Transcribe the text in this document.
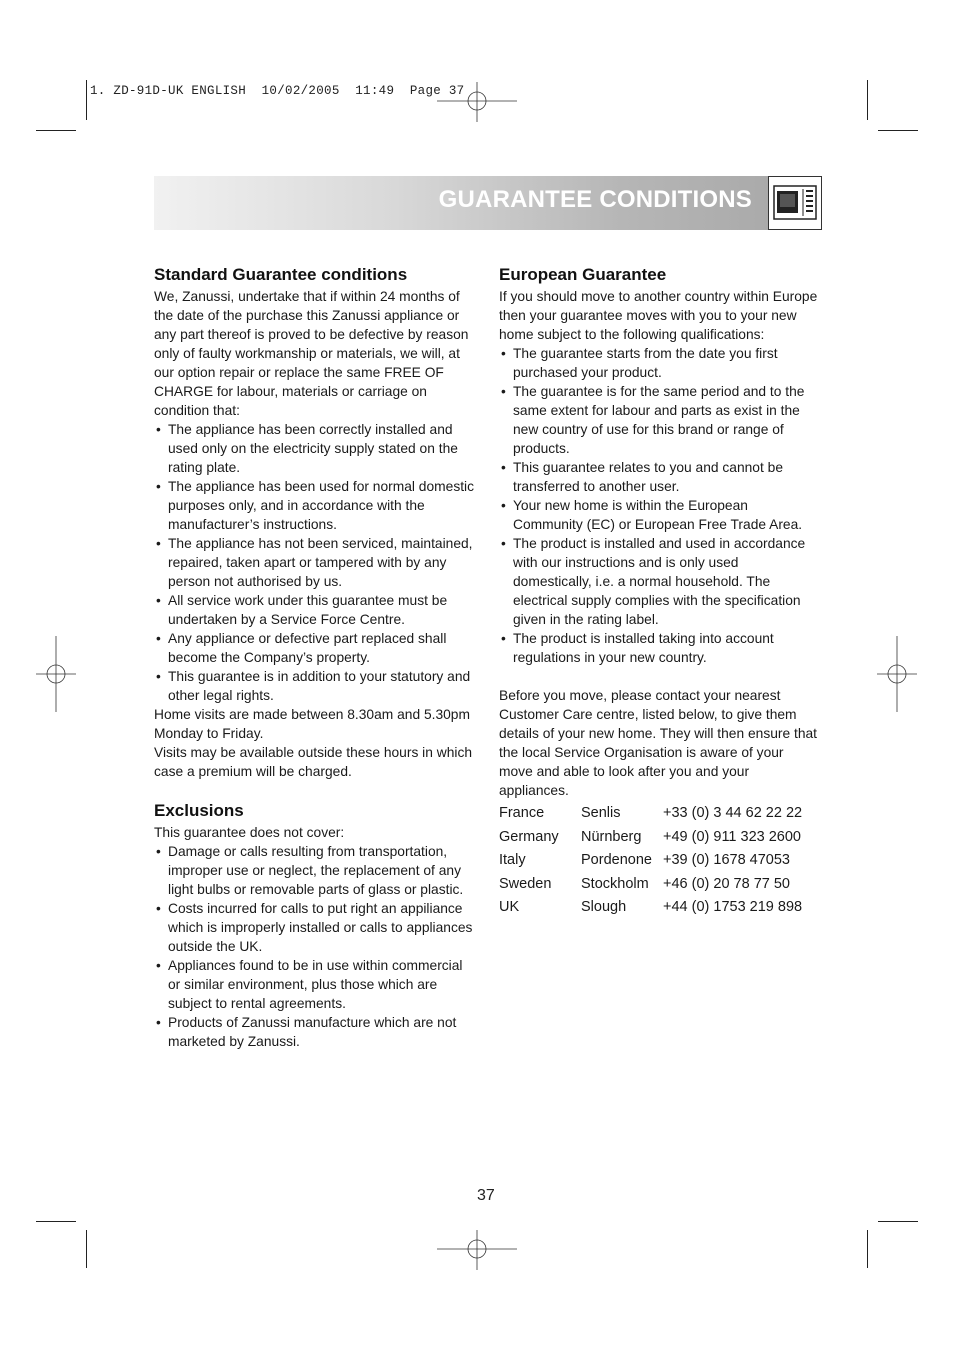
1. ZD-91D-UK ENGLISH  10/02/2005  11:49  Page 37
GUARANTEE CONDITIONS
Standard Guarantee conditions

We, Zanussi, undertake that if within 24 months of the date of the purchase this Zanussi appliance or any part thereof is proved to be defective by reason only of faulty workmanship or materials, we will, at our option repair or replace the same FREE OF CHARGE for labour, materials or carriage on condition that:

• The appliance has been correctly installed and used only on the electricity supply stated on the rating plate.
• The appliance has been used for normal domestic purposes only, and in accordance with the manufacturer’s instructions.
• The appliance has not been serviced, maintained, repaired, taken apart or tampered with by any person not authorised by us.
• All service work under this guarantee must be undertaken by a Service Force Centre.
• Any appliance or defective part replaced shall become the Company’s property.
• This guarantee is in addition to your statutory and other legal rights.

Home visits are made between 8.30am and 5.30pm Monday to Friday.

Visits may be available outside these hours in which case a premium will be charged.

Exclusions

This guarantee does not cover:

• Damage or calls resulting from transportation, improper use or neglect, the replacement of any light bulbs or removable parts of glass or plastic.
• Costs incurred for calls to put right an appiliance which is improperly installed or calls to appliances outside the UK.
• Appliances found to be in use within commercial or similar environment, plus those which are subject to rental agreements.
• Products of Zanussi manufacture which are not marketed by Zanussi.
European Guarantee

If you should move to another country within Europe then your guarantee moves with you to your new home subject to the following qualifications:

• The guarantee starts from the date you first purchased your product.
• The guarantee is for the same period and to the same extent for labour and parts as exist in the new country of use for this brand or range of products.
• This guarantee relates to you and cannot be transferred to another user.
• Your new home is within the European Community (EC) or European Free Trade Area.
• The product is installed and used in accordance with our instructions and is only used domestically, i.e. a normal household. The electrical supply complies with the specification given in the rating label.
• The product is installed taking into account regulations in your new country.

Before you move, please contact your nearest Customer Care centre, listed below, to give them details of your new home. They will then ensure that the local Service Organisation is aware of your move and able to look after you and your appliances.

France	Senlis	+33 (0) 3 44 62 22 22
Germany	Nürnberg	+49 (0) 911 323 2600
Italy	Pordenone	+39 (0) 1678 47053
Sweden	Stockholm	+46 (0) 20 78 77 50
UK	Slough	+44 (0) 1753 219 898
37
